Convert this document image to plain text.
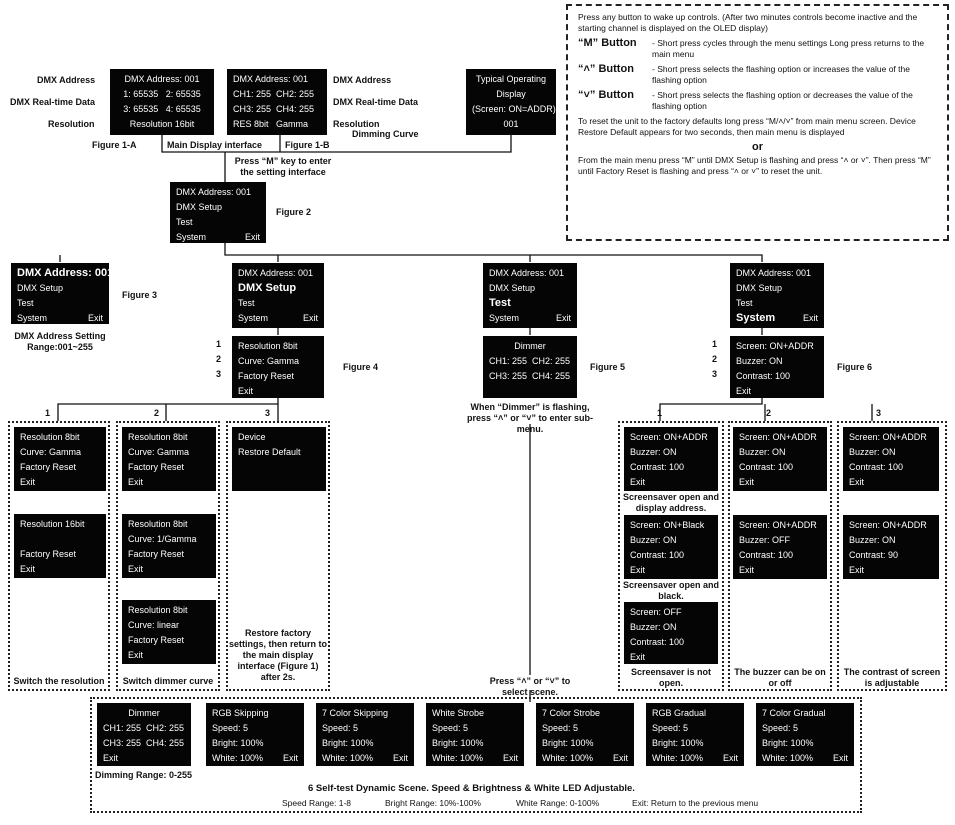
DMX Address
DMX Real-time Data
Resolution
DMX Address: 001
1: 65535   2: 65535
3: 65535   4: 65535
Resolution 16bit
DMX Address: 001
CH1: 255  CH2: 255
CH3: 255  CH4: 255
RES 8bit   Gamma
DMX Address
DMX Real-time Data
Resolution
Dimming Curve
Typical Operating
Display
(Screen: ON=ADDR)
001
Figure 1-A	Main Display interface	Figure 1-B
Press “M” key to enter the setting interface
DMX Address: 001
DMX Setup
Test
System	Exit
Figure 2
DMX Address: 001
DMX Setup
Test
System	Exit
Figure 3
DMX Address Setting Range:001~255
DMX Address: 001
DMX Setup
Test
System	Exit
Resolution 8bit
Curve: Gamma
Factory Reset
Exit
1
2
3
Figure 4
DMX Address: 001
DMX Setup
Test
System	Exit
Dimmer
CH1: 255  CH2: 255
CH3: 255  CH4: 255
Figure 5
When “Dimmer” is flashing, press “˄” or “˅” to enter sub-menu.
Press “˄” or “˅” to select scene.
DMX Address: 001
DMX Setup
Test
System	Exit
Screen: ON+ADDR
Buzzer: ON
Contrast: 100
Exit
1
2
3
Figure 6
1	2	3	1	2	3
Resolution 8bit
Curve: Gamma
Factory Reset
Exit
Resolution 16bit
Factory Reset
Exit
Switch the resolution
Resolution 8bit
Curve: Gamma
Factory Reset
Exit
Resolution 8bit
Curve: 1/Gamma
Factory Reset
Exit
Resolution 8bit
Curve: linear
Factory Reset
Exit
Switch dimmer curve
Device
Restore Default
Restore factory settings, then return to the main display interface (Figure 1) after 2s.
Screen: ON+ADDR
Buzzer: ON
Contrast: 100
Exit
Screensaver open and display address.
Screen: ON+Black
Buzzer: ON
Contrast: 100
Exit
Screensaver open and black.
Screen: OFF
Buzzer: ON
Contrast: 100
Exit
Screensaver is not open.
Screen: ON+ADDR
Buzzer: ON
Contrast: 100
Exit
Screen: ON+ADDR
Buzzer: OFF
Contrast: 100
Exit
The buzzer can be on or off
Screen: ON+ADDR
Buzzer: ON
Contrast: 100
Exit
Screen: ON+ADDR
Buzzer: ON
Contrast: 90
Exit
The contrast of screen is adjustable
Dimmer
CH1: 255  CH2: 255
CH3: 255  CH4: 255
Exit
Dimming Range: 0-255
RGB Skipping
Speed: 5
Bright: 100%
White: 100% Exit
7 Color Skipping
Speed: 5
Bright: 100%
White: 100% Exit
White Strobe
Speed: 5
Bright: 100%
White: 100% Exit
7 Color Strobe
Speed: 5
Bright: 100%
White: 100% Exit
RGB Gradual
Speed: 5
Bright: 100%
White: 100% Exit
7 Color Gradual
Speed: 5
Bright: 100%
White: 100% Exit
6 Self-test Dynamic Scene. Speed & Brightness & White LED Adjustable.
Speed Range: 1-8	Bright Range: 10%-100%	White Range: 0-100%	Exit: Return to the previous menu

Press any button to wake up controls. (After two minutes controls become inactive and the starting channel is displayed on the OLED display)

“M” Button	- Short press cycles through the menu settings Long press returns to the main menu
“˄” Button	- Short press selects the flashing option or increases the value of the flashing option
“˅” Button	- Short press selects the flashing option or decreases the value of the flashing option

To reset the unit to the factory defaults long press “M/˄/˅” from main menu screen. Device Restore Default appears for two seconds, then main menu is displayed

or

From the main menu press “M” until DMX Setup is flashing and press “˄ or ˅”. Then press “M” until Factory Reset is flashing and press “˄ or ˅” to reset the unit.
